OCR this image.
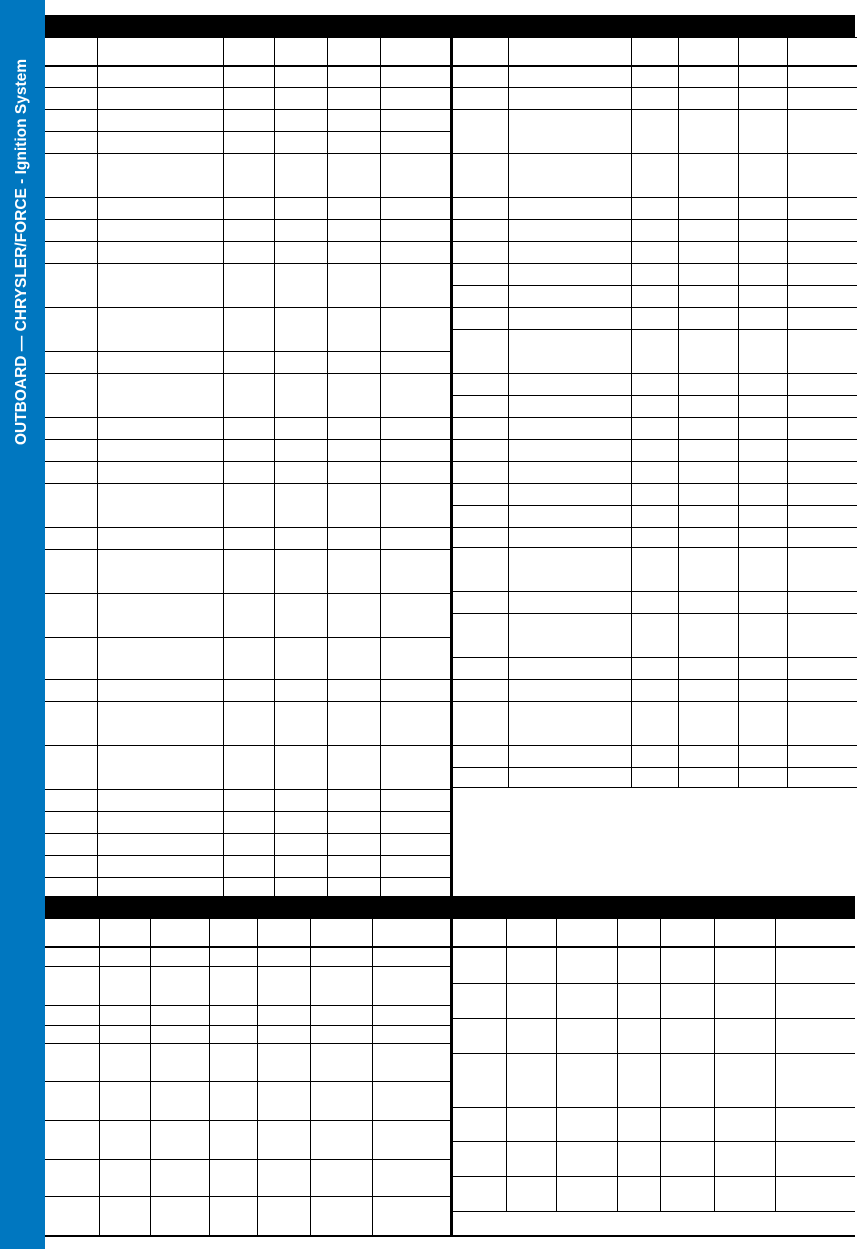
OUTBOARD — CHRYSLER/FORCE - Ignition System
